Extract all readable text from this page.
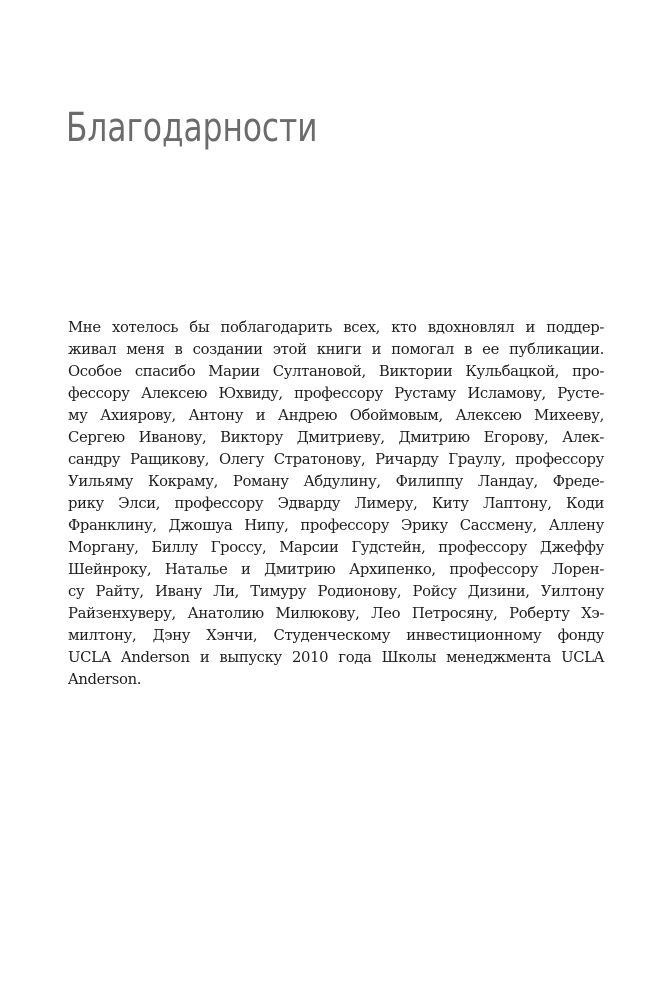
Благодарности
Мне хотелось бы поблагодарить всех, кто вдохновлял и поддер-
живал меня в создании этой книги и помогал в ее публикации.
Особое спасибо Марии Султановой, Виктории Кульбацкой, про-
фессору Алексею Юхвиду, профессору Рустаму Исламову, Русте-
му Ахиярову, Антону и Андрею Обоймовым, Алексею Михееву,
Сергею Иванову, Виктору Дмитриеву, Дмитрию Егорову, Алек-
сандру Ращикову, Олегу Стратонову, Ричарду Граулу, профессору
Уильяму Кокраму, Роману Абдулину, Филиппу Ландау, Фреде-
рику Элси, профессору Эдварду Лимеру, Киту Лаптону, Коди
Франклину, Джошуа Нипу, профессору Эрику Сассмену, Аллену
Моргану, Биллу Гроссу, Марсии Гудстейн, профессору Джеффу
Шейнроку, Наталье и Дмитрию Архипенко, профессору Лорен-
су Райту, Ивану Ли, Тимуру Родионову, Ройсу Дизини, Уилтону
Райзенхуверу, Анатолию Милюкову, Лео Петросяну, Роберту Хэ-
милтону, Дэну Хэнчи, Студенческому инвестиционному фонду
UCLA Anderson и выпуску 2010 года Школы менеджмента UCLA
Anderson.
